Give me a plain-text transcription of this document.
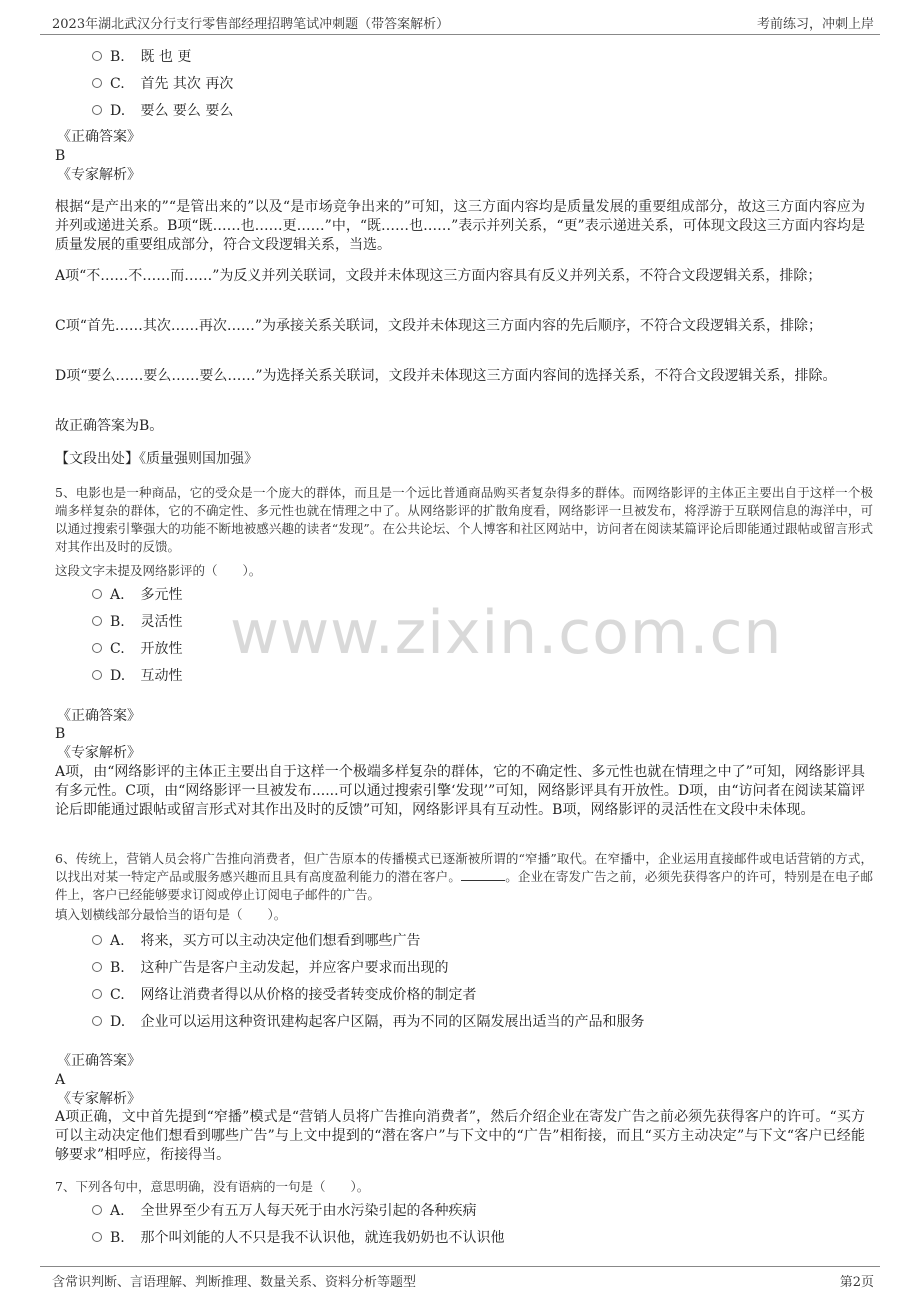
2023年湖北武汉分行支行零售部经理招聘笔试冲刺题（带答案解析）	考前练习，冲刺上岸
www.zixin.com.cn
B. 既 也 更
C. 首先 其次 再次
D. 要么 要么 要么
《正确答案》
B
《专家解析》
根据“是产出来的”“是管出来的”以及“是市场竞争出来的”可知，这三方面内容均是质量发展的重要组成部分，故这三方面内容应为并列或递进关系。B项“既……也……更……”中，“既……也……”表示并列关系，“更”表示递进关系，可体现文段这三方面内容均是质量发展的重要组成部分，符合文段逻辑关系，当选。
A项“不……不……而……”为反义并列关联词，文段并未体现这三方面内容具有反义并列关系，不符合文段逻辑关系，排除；
C项“首先……其次……再次……”为承接关系关联词，文段并未体现这三方面内容的先后顺序，不符合文段逻辑关系，排除；
D项“要么……要么……要么……”为选择关系关联词，文段并未体现这三方面内容间的选择关系，不符合文段逻辑关系，排除。
故正确答案为B。
【文段出处】《质量强则国加强》
5、电影也是一种商品，它的受众是一个庞大的群体，而且是一个远比普通商品购买者复杂得多的群体。而网络影评的主体正主要出自于这样一个极端多样复杂的群体，它的不确定性、多元性也就在情理之中了。从网络影评的扩散角度看，网络影评一旦被发布，将浮游于互联网信息的海洋中，可以通过搜索引擎强大的功能不断地被感兴趣的读者“发现”。在公共论坛、个人博客和社区网站中，访问者在阅读某篇评论后即能通过跟帖或留言形式对其作出及时的反馈。
这段文字未提及网络影评的（　　）。
A. 多元性
B. 灵活性
C. 开放性
D. 互动性
《正确答案》
B
《专家解析》
A项，由“网络影评的主体正主要出自于这样一个极端多样复杂的群体，它的不确定性、多元性也就在情理之中了”可知，网络影评具有多元性。C项，由“网络影评一旦被发布......可以通过搜索引擎‘发现’”可知，网络影评具有开放性。D项，由“访问者在阅读某篇评论后即能通过跟帖或留言形式对其作出及时的反馈”可知，网络影评具有互动性。B项，网络影评的灵活性在文段中未体现。
6、传统上，营销人员会将广告推向消费者，但广告原本的传播模式已逐渐被所谓的“窄播”取代。在窄播中，企业运用直接邮件或电话营销的方式，以找出对某一特定产品或服务感兴趣而且具有高度盈利能力的潜在客户。	。企业在寄发广告之前，必须先获得客户的许可，特别是在电子邮件上，客户已经能够要求订阅或停止订阅电子邮件的广告。
填入划横线部分最恰当的语句是（　　）。
A. 将来，买方可以主动决定他们想看到哪些广告
B. 这种广告是客户主动发起，并应客户要求而出现的
C. 网络让消费者得以从价格的接受者转变成价格的制定者
D. 企业可以运用这种资讯建构起客户区隔，再为不同的区隔发展出适当的产品和服务
《正确答案》
A
《专家解析》
A项正确，文中首先提到“窄播”模式是“营销人员将广告推向消费者”，然后介绍企业在寄发广告之前必须先获得客户的许可。“买方可以主动决定他们想看到哪些广告”与上文中提到的“潜在客户”与下文中的“广告”相衔接，而且“买方主动决定”与下文“客户已经能够要求”相呼应，衔接得当。
7、下列各句中，意思明确，没有语病的一句是（　　）。
A. 全世界至少有五万人每天死于由水污染引起的各种疾病
B. 那个叫刘能的人不只是我不认识他，就连我奶奶也不认识他
含常识判断、言语理解、判断推理、数量关系、资料分析等题型	第2页
